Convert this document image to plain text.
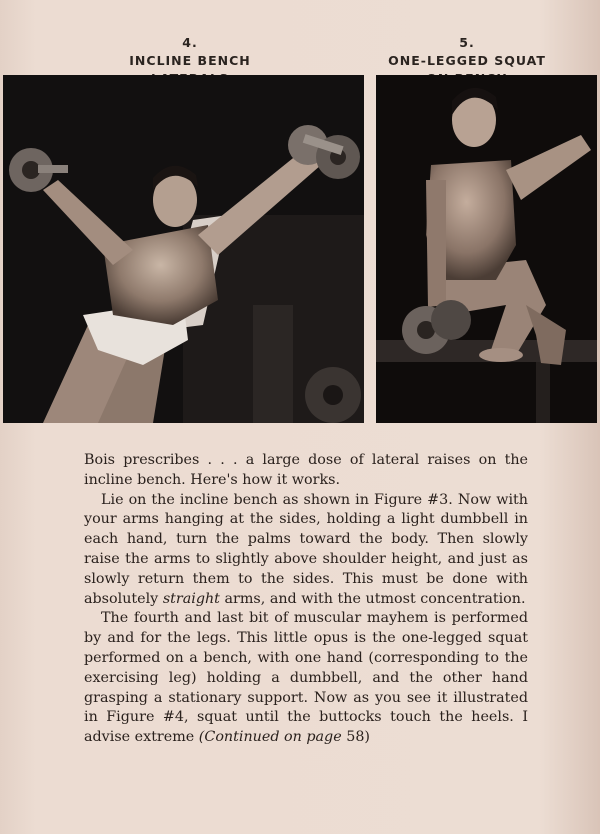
4.
INCLINE BENCH

5.
ONE-LEGGED SQUAT

Bois prescribes . . . a large dose of lateral raises on the incline bench. Here's how it works.

Lie on the incline bench as shown in Figure #3. Now with your arms hanging at the sides, holding a light dumbbell in each hand, turn the palms toward the body. Then slowly raise the arms to slightly above shoulder height, and just as slowly return them to the sides. This must be done with absolutely straight arms, and with the utmost concentration.

The fourth and last bit of muscular mayhem is performed by and for the legs. This little opus is the one-legged squat performed on a bench, with one hand (corresponding to the exercising leg) holding a dumbbell, and the other hand grasping a stationary support. Now as you see it illustrated in Figure #4, squat until the buttocks touch the heels. I advise extreme (Continued on page 58)
